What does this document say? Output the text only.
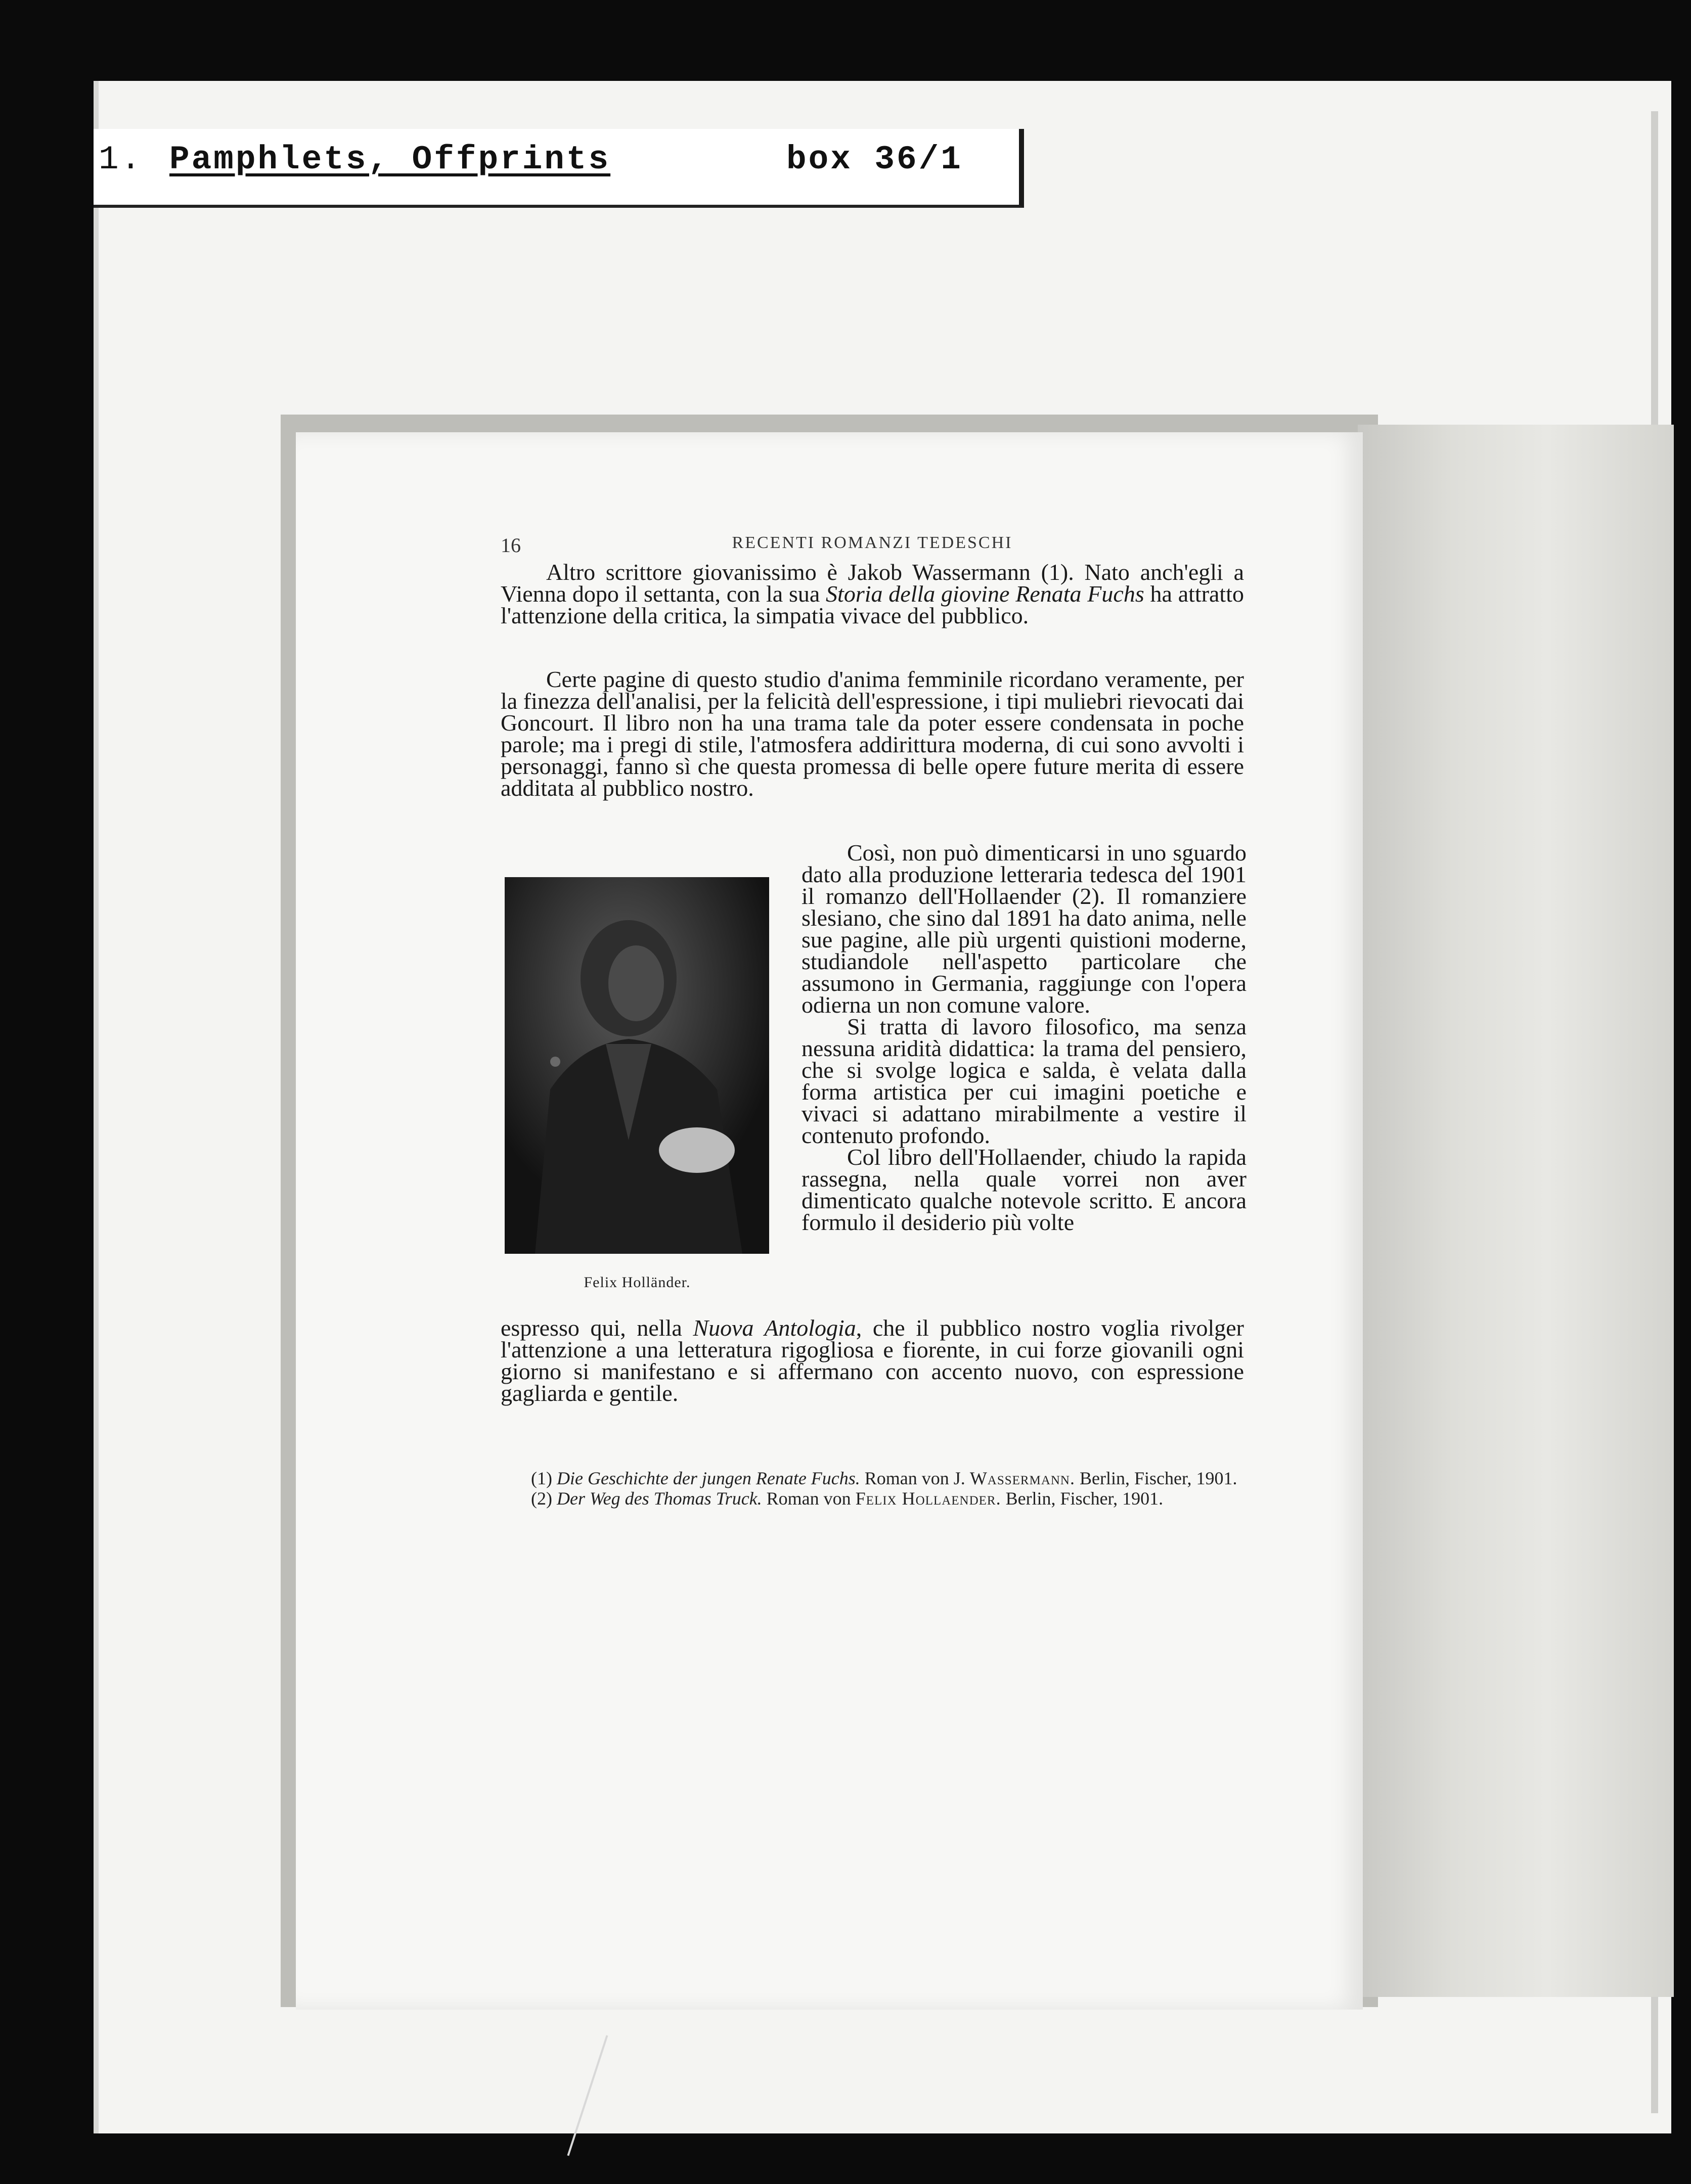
1. Pamphlets, Offprints	box 36/1
16	RECENTI ROMANZI TEDESCHI

Altro scrittore giovanissimo è Jakob Wassermann (1). Nato anch'egli a Vienna dopo il settanta, con la sua Storia della giovine Renata Fuchs ha attratto l'attenzione della critica, la simpatia vivace del pubblico.

Certe pagine di questo studio d'anima femminile ricordano veramente, per la finezza dell'analisi, per la felicità dell'espressione, i tipi muliebri rievocati dai Goncourt. Il libro non ha una trama tale da poter essere condensata in poche parole; ma i pregi di stile, l'atmosfera addirittura moderna, di cui sono avvolti i personaggi, fanno sì che questa promessa di belle opere future merita di essere additata al pubblico nostro.

Così, non può dimenticarsi in uno sguardo dato alla produzione letteraria tedesca del 1901 il romanzo dell'Hollaender (2). Il romanziere slesiano, che sino dal 1891 ha dato anima, nelle sue pagine, alle più urgenti quistioni moderne, studiandole nell'aspetto particolare che assumono in Germania, raggiunge con l'opera odierna un non comune valore.

Si tratta di lavoro filosofico, ma senza nessuna aridità didattica: la trama del pensiero, che si svolge logica e salda, è velata dalla forma artistica per cui imagini poetiche e vivaci si adattano mirabilmente a vestire il contenuto profondo.

Col libro dell'Hollaender, chiudo la rapida rassegna, nella quale vorrei non aver dimenticato qualche notevole scritto. E ancora formulo il desiderio più volte

Felix Holländer.

espresso qui, nella Nuova Antologia, che il pubblico nostro voglia rivolger l'attenzione a una letteratura rigogliosa e fiorente, in cui forze giovanili ogni giorno si manifestano e si affermano con accento nuovo, con espressione gagliarda e gentile.

(1) Die Geschichte der jungen Renate Fuchs. Roman von J. Wassermann. Berlin, Fischer, 1901.

(2) Der Weg des Thomas Truck. Roman von Felix Hollaender. Berlin, Fischer, 1901.
